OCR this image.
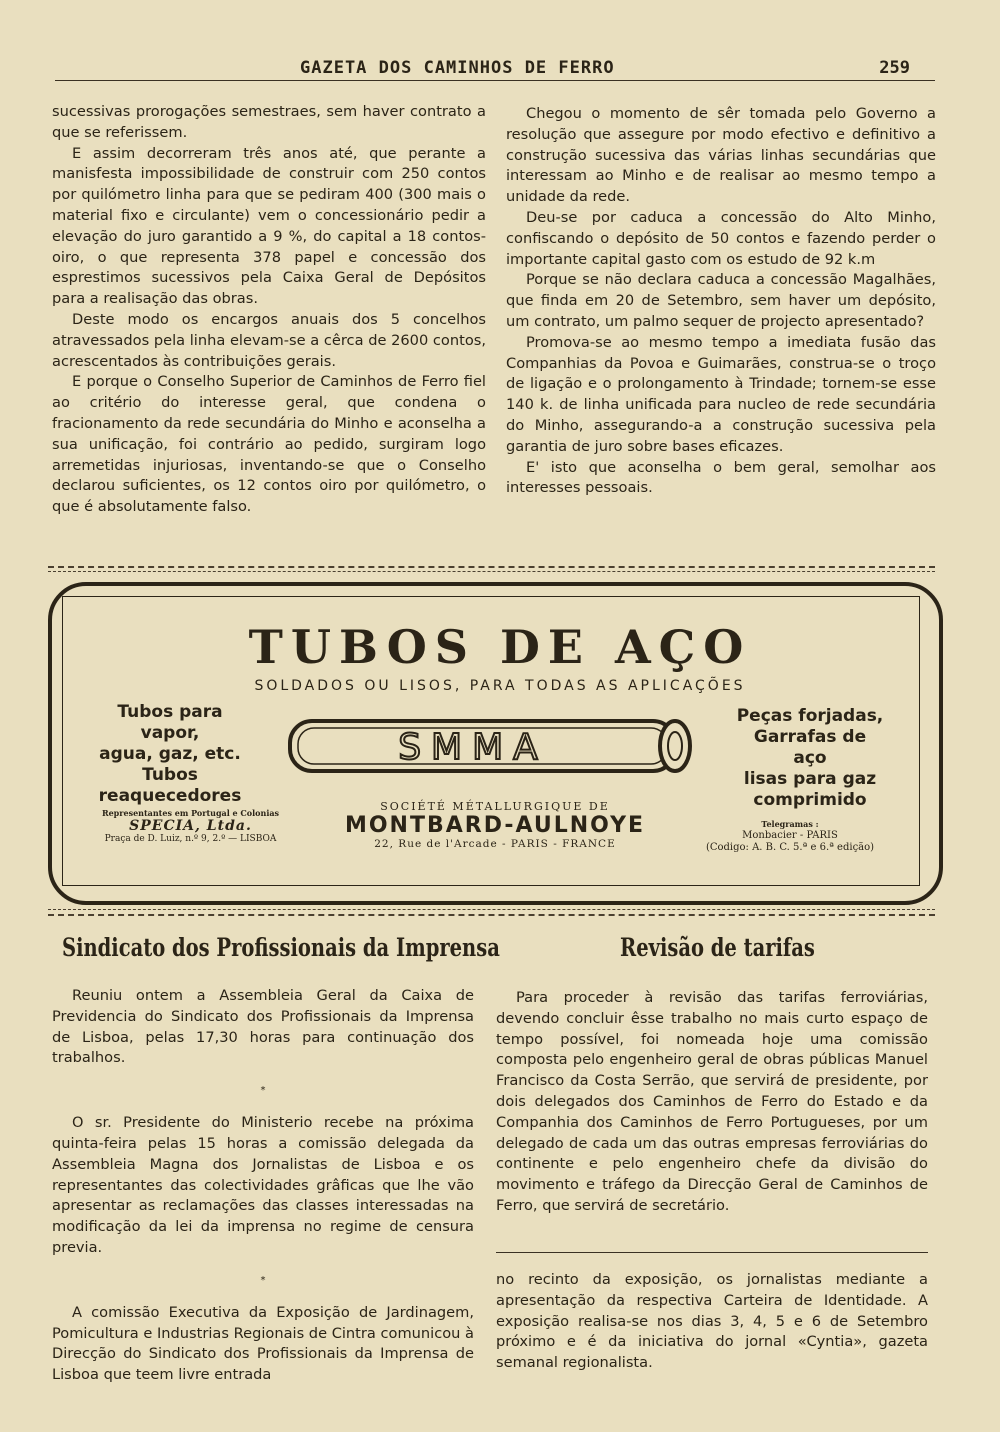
GAZETA DOS CAMINHOS DE FERRO	259

sucessivas prorogações semestraes, sem haver contrato a que se referissem.

E assim decorreram três anos até, que perante a manisfesta impossibilidade de construir com 250 contos por quilómetro linha para que se pediram 400 (300 mais o material fixo e circulante) vem o concessionário pedir a elevação do juro garantido a 9 %, do capital a 18 contos-oiro, o que representa 378 papel e concessão dos esprestimos sucessivos pela Caixa Geral de Depósitos para a realisação das obras.

Deste modo os encargos anuais dos 5 concelhos atravessados pela linha elevam-se a cêrca de 2600 contos, acrescentados às contribuições gerais.

E porque o Conselho Superior de Caminhos de Ferro fiel ao critério do interesse geral, que condena o fracionamento da rede secundária do Minho e aconselha a sua unificação, foi contrário ao pedido, surgiram logo arremetidas injuriosas, inventando-se que o Conselho declarou suficientes, os 12 contos oiro por quilómetro, o que é absolutamente falso.

Chegou o momento de sêr tomada pelo Governo a resolução que assegure por modo efectivo e definitivo a construção sucessiva das várias linhas secundárias que interessam ao Minho e de realisar ao mesmo tempo a unidade da rede.

Deu-se por caduca a concessão do Alto Minho, confiscando o depósito de 50 contos e fazendo perder o importante capital gasto com os estudo de 92 k.m

Porque se não declara caduca a concessão Magalhães, que finda em 20 de Setembro, sem haver um depósito, um contrato, um palmo sequer de projecto apresentado?

Promova-se ao mesmo tempo a imediata fusão das Companhias da Povoa e Guimarães, construa-se o troço de ligação e o prolongamento à Trindade; tornem-se esse 140 k. de linha unificada para nucleo de rede secundária do Minho, assegurando-a a construção sucessiva pela garantia de juro sobre bases eficazes.

E' isto que aconselha o bem geral, semolhar aos interesses pessoais.

TUBOS DE AÇO
SOLDADOS OU LISOS, PARA TODAS AS APLICAÇÕES
Tubos para vapor,
agua, gaz, etc.
Tubos
reaquecedores
SMMA
Peças forjadas,
Garrafas de aço
lisas para gaz
comprimido
Representantes em Portugal e Colonias
SPECIA, Ltda.
Praça de D. Luiz, n.º 9, 2.º — LISBOA
SOCIÉTÉ MÉTALLURGIQUE DE
MONTBARD-AULNOYE
22, Rue de l'Arcade - PARIS - FRANCE
Telegramas :
Monbacier - PARIS
(Codigo: A. B. C. 5.ª e 6.ª edição)
Sindicato dos Profissionais da Imprensa	Revisão de tarifas

Reuniu ontem a Assembleia Geral da Caixa de Previdencia do Sindicato dos Profissionais da Imprensa de Lisboa, pelas 17,30 horas para continuação dos trabalhos.

*

O sr. Presidente do Ministerio recebe na próxima quinta-feira pelas 15 horas a comissão delegada da Assembleia Magna dos Jornalistas de Lisboa e os representantes das colectividades grâficas que lhe vão apresentar as reclamações das classes interessadas na modificação da lei da imprensa no regime de censura previa.

*

A comissão Executiva da Exposição de Jardinagem, Pomicultura e Industrias Regionais de Cintra comunicou à Direcção do Sindicato dos Profissionais da Imprensa de Lisboa que teem livre entrada

Para proceder à revisão das tarifas ferroviárias, devendo concluir êsse trabalho no mais curto espaço de tempo possível, foi nomeada hoje uma comissão composta pelo engenheiro geral de obras públicas Manuel Francisco da Costa Serrão, que servirá de presidente, por dois delegados dos Caminhos de Ferro do Estado e da Companhia dos Caminhos de Ferro Portugueses, por um delegado de cada um das outras empresas ferroviárias do continente e pelo engenheiro chefe da divisão do movimento e tráfego da Direcção Geral de Caminhos de Ferro, que servirá de secretário.

no recinto da exposição, os jornalistas mediante a apresentação da respectiva Carteira de Identidade. A exposição realisa-se nos dias 3, 4, 5 e 6 de Setembro próximo e é da iniciativa do jornal «Cyntia», gazeta semanal regionalista.
